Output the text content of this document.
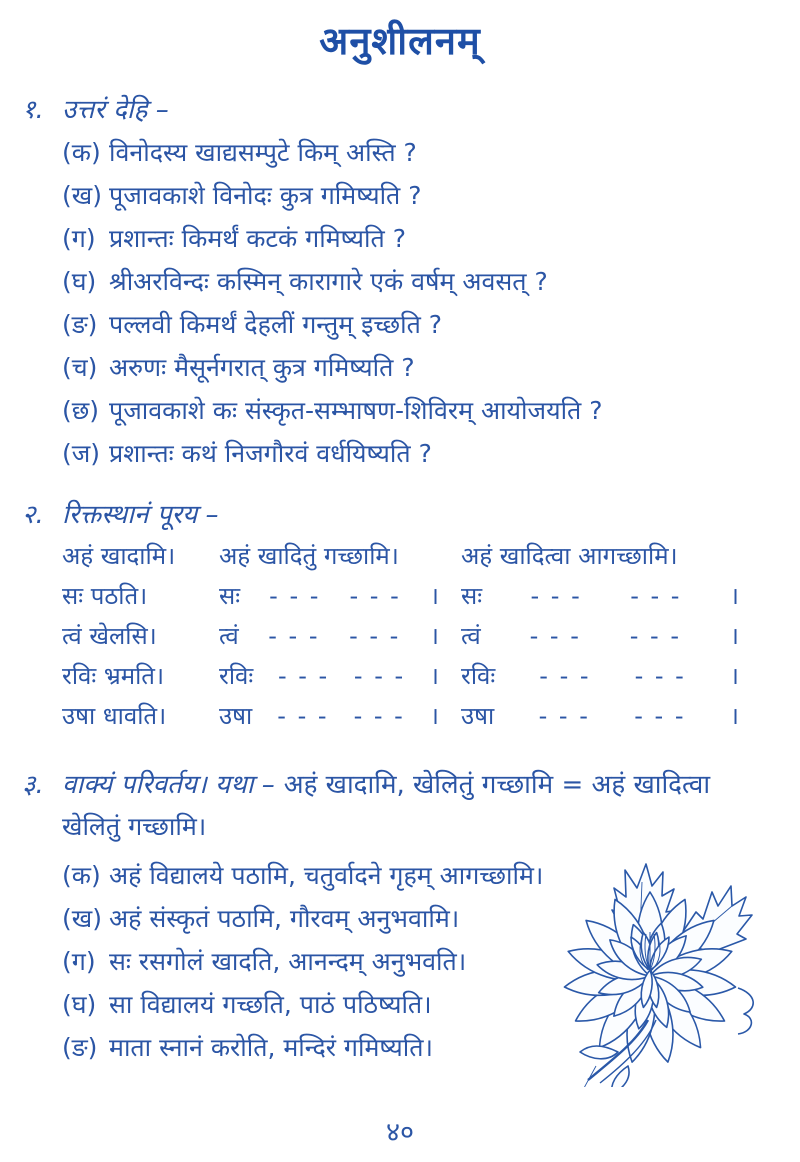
अनुशीलनम्
१. उत्तरं देहि –
(क) विनोदस्य खाद्यसम्पुटे किम् अस्ति ?
(ख) पूजावकाशे विनोदः कुत्र गमिष्यति ?
(ग) प्रशान्तः किमर्थं कटकं गमिष्यति ?
(घ) श्रीअरविन्दः कस्मिन् कारागारे एकं वर्षम् अवसत् ?
(ङ) पल्लवी किमर्थं देहलीं गन्तुम् इच्छति ?
(च) अरुणः मैसूर्नगरात् कुत्र गमिष्यति ?
(छ) पूजावकाशे कः संस्कृत-सम्भाषण-शिविरम् आयोजयति ?
(ज) प्रशान्तः कथं निजगौरवं वर्धयिष्यति ?
२. रिक्तस्थानं पूरय –
अहं खादामि।	अहं खादितुं गच्छामि।	अहं खादित्वा आगच्छामि।
सः पठति।	सः - - - - - - । सः - - - - - - ।
त्वं खेलसि।	त्वं - - - - - - । त्वं - - - - - - ।
रविः भ्रमति।	रविः - - - - - - । रविः - - - - - - ।
उषा धावति।	उषा - - - - - - । उषा - - - - - - ।
३. वाक्यं परिवर्तय। यथा – अहं खादामि, खेलितुं गच्छामि = अहं खादित्वा
खेलितुं गच्छामि।
(क) अहं विद्यालये पठामि, चतुर्वादने गृहम् आगच्छामि।
(ख) अहं संस्कृतं पठामि, गौरवम् अनुभवामि।
(ग) सः रसगोलं खादति, आनन्दम् अनुभवति।
(घ) सा विद्यालयं गच्छति, पाठं पठिष्यति।
(ङ) माता स्नानं करोति, मन्दिरं गमिष्यति।
४०
